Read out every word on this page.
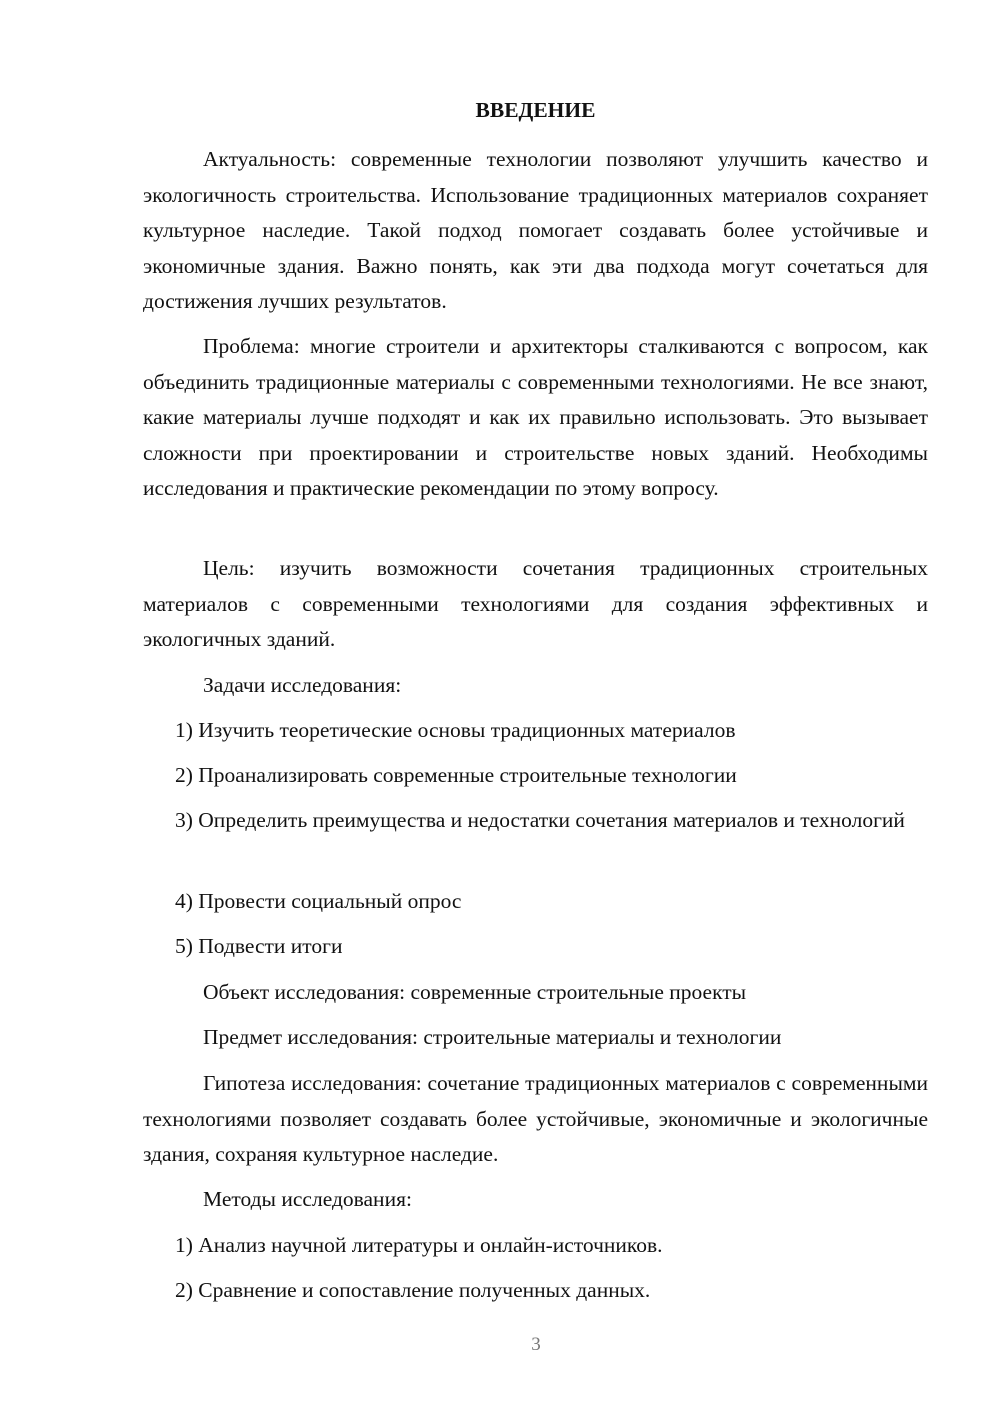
ВВЕДЕНИЕ

Актуальность: современные технологии позволяют улучшить качество и экологичность строительства. Использование традиционных материалов сохраняет культурное наследие. Такой подход помогает создавать более устойчивые и экономичные здания. Важно понять, как эти два подхода могут сочетаться для достижения лучших результатов.

Проблема: многие строители и архитекторы сталкиваются с вопросом, как объединить традиционные материалы с современными технологиями. Не все знают, какие материалы лучше подходят и как их правильно использовать. Это вызывает сложности при проектировании и строительстве новых зданий. Необходимы исследования и практические рекомендации по этому вопросу.

Цель: изучить возможности сочетания традиционных строительных материалов с современными технологиями для создания эффективных и экологичных зданий.

Задачи исследования:

1) Изучить теоретические основы традиционных материалов

2) Проанализировать современные строительные технологии

3) Определить преимущества и недостатки сочетания материалов и технологий

4) Провести социальный опрос

5) Подвести итоги

Объект исследования: современные строительные проекты

Предмет исследования: строительные материалы и технологии

Гипотеза исследования: сочетание традиционных материалов с современными технологиями позволяет создавать более устойчивые, экономичные и экологичные здания, сохраняя культурное наследие.

Методы исследования:

1) Анализ научной литературы и онлайн-источников.

2) Сравнение и сопоставление полученных данных.

3
